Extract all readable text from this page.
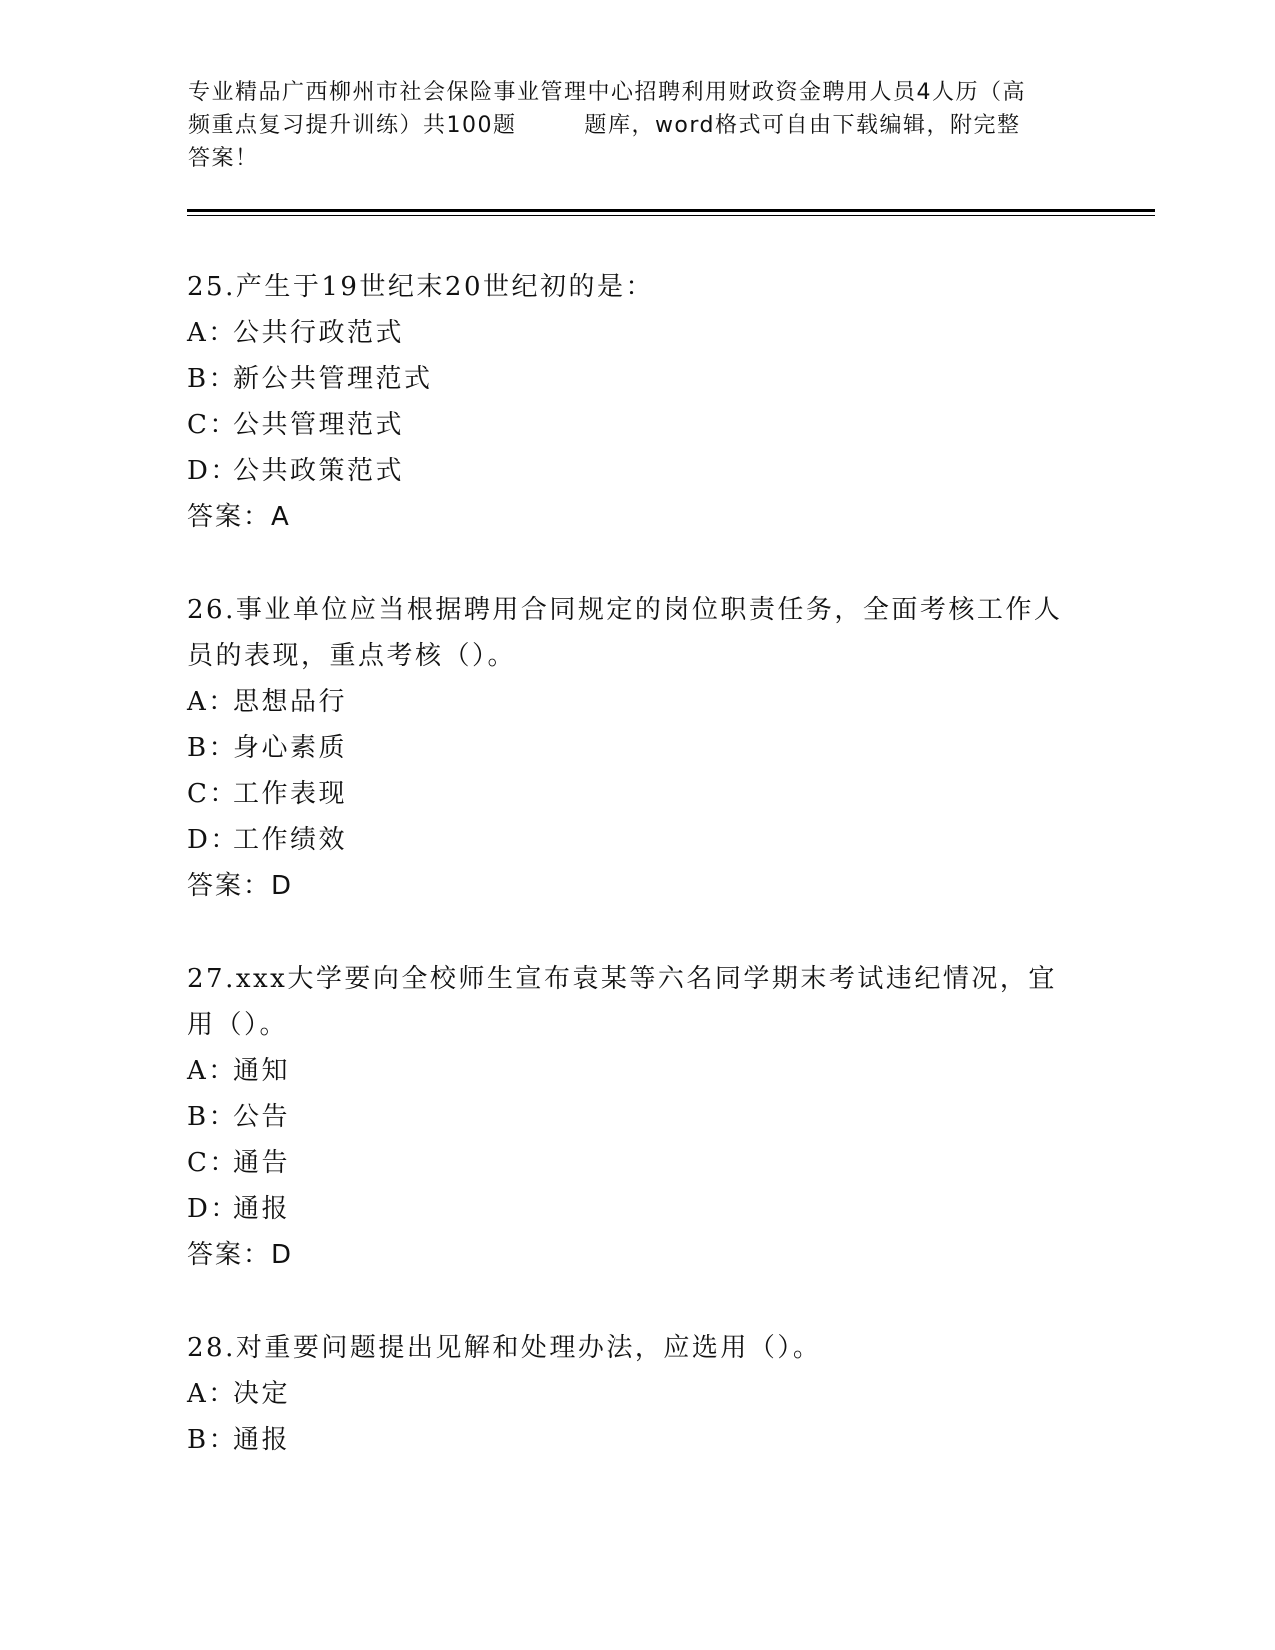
专业精品广西柳州市社会保险事业管理中心招聘利用财政资金聘用人员4人历（高
频重点复习提升训练）共100题        题库，word格式可自由下载编辑，附完整
答案！

25.产生于19世纪末20世纪初的是：

A：公共行政范式

B：新公共管理范式

C：公共管理范式

D：公共政策范式

答案：A

26.事业单位应当根据聘用合同规定的岗位职责任务，全面考核工作人

员的表现，重点考核（）。

A：思想品行

B：身心素质

C：工作表现

D：工作绩效

答案：D

27.xxx大学要向全校师生宣布袁某等六名同学期末考试违纪情况，宜

用（）。

A：通知

B：公告

C：通告

D：通报

答案：D

28.对重要问题提出见解和处理办法，应选用（）。

A：决定

B：通报
